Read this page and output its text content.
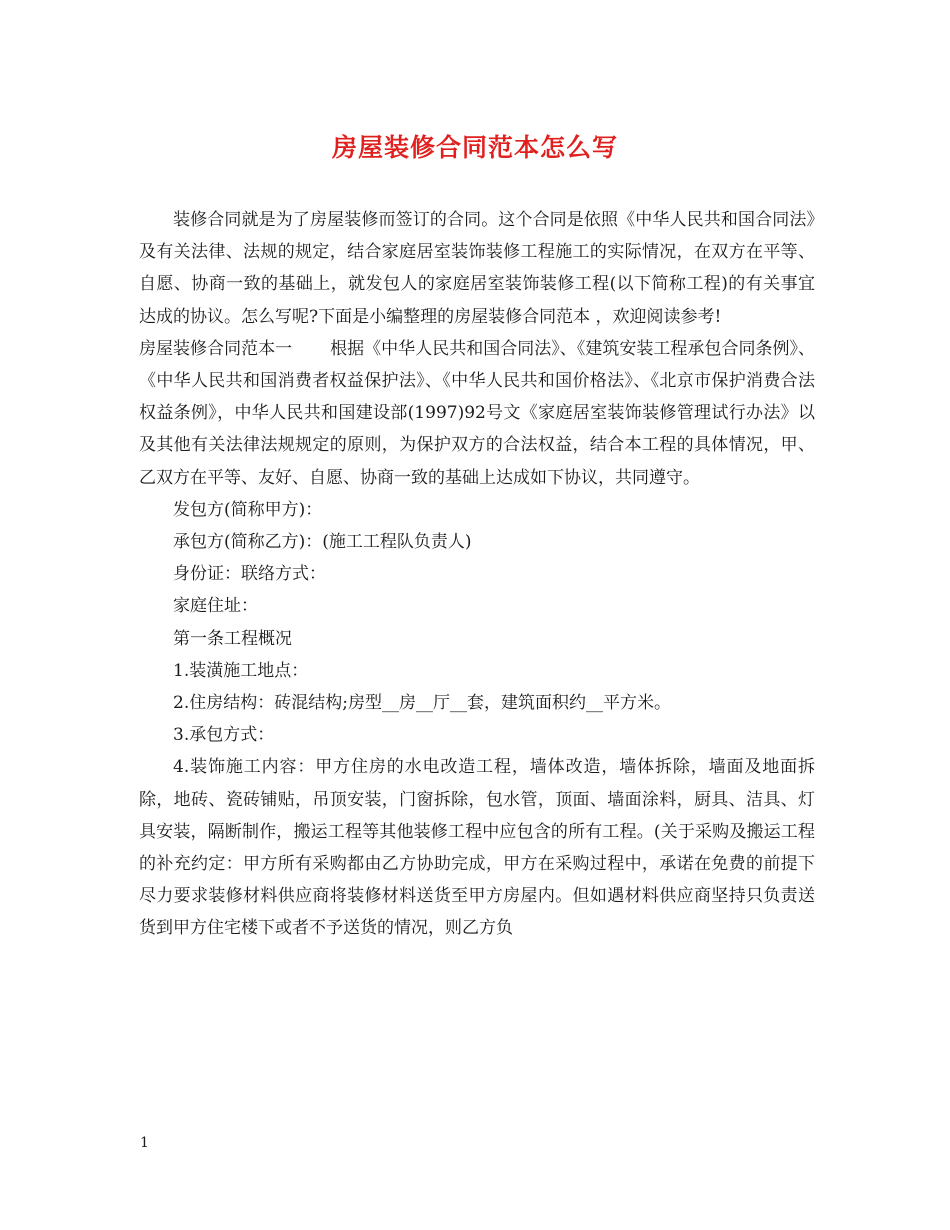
房屋装修合同范本怎么写

装修合同就是为了房屋装修而签订的合同。这个合同是依照《中华人民共和国合同法》及有关法律、法规的规定，结合家庭居室装饰装修工程施工的实际情况，在双方在平等、自愿、协商一致的基础上，就发包人的家庭居室装饰装修工程(以下简称工程)的有关事宜达成的协议。怎么写呢?下面是小编整理的房屋装修合同范本 ，欢迎阅读参考!

房屋装修合同范本一 根据《中华人民共和国合同法》、《建筑安装工程承包合同条例》、《中华人民共和国消费者权益保护法》、《中华人民共和国价格法》、《北京市保护消费合法权益条例》，中华人民共和国建设部(1997)92号文《家庭居室装饰装修管理试行办法》以及其他有关法律法规规定的原则，为保护双方的合法权益，结合本工程的具体情况，甲、乙双方在平等、友好、自愿、协商一致的基础上达成如下协议，共同遵守。

发包方(简称甲方)：

承包方(简称乙方)：(施工工程队负责人)

身份证：联络方式：

家庭住址：

第一条工程概况

1.装潢施工地点：

2.住房结构：砖混结构;房型__房__厅__套，建筑面积约__平方米。

3.承包方式：

4.装饰施工内容：甲方住房的水电改造工程，墙体改造，墙体拆除，墙面及地面拆除，地砖、瓷砖铺贴，吊顶安装，门窗拆除，包水管，顶面、墙面涂料，厨具、洁具、灯具安装，隔断制作，搬运工程等其他装修工程中应包含的所有工程。(关于采购及搬运工程的补充约定：甲方所有采购都由乙方协助完成，甲方在采购过程中，承诺在免费的前提下尽力要求装修材料供应商将装修材料送货至甲方房屋内。但如遇材料供应商坚持只负责送货到甲方住宅楼下或者不予送货的情况，则乙方负

1
